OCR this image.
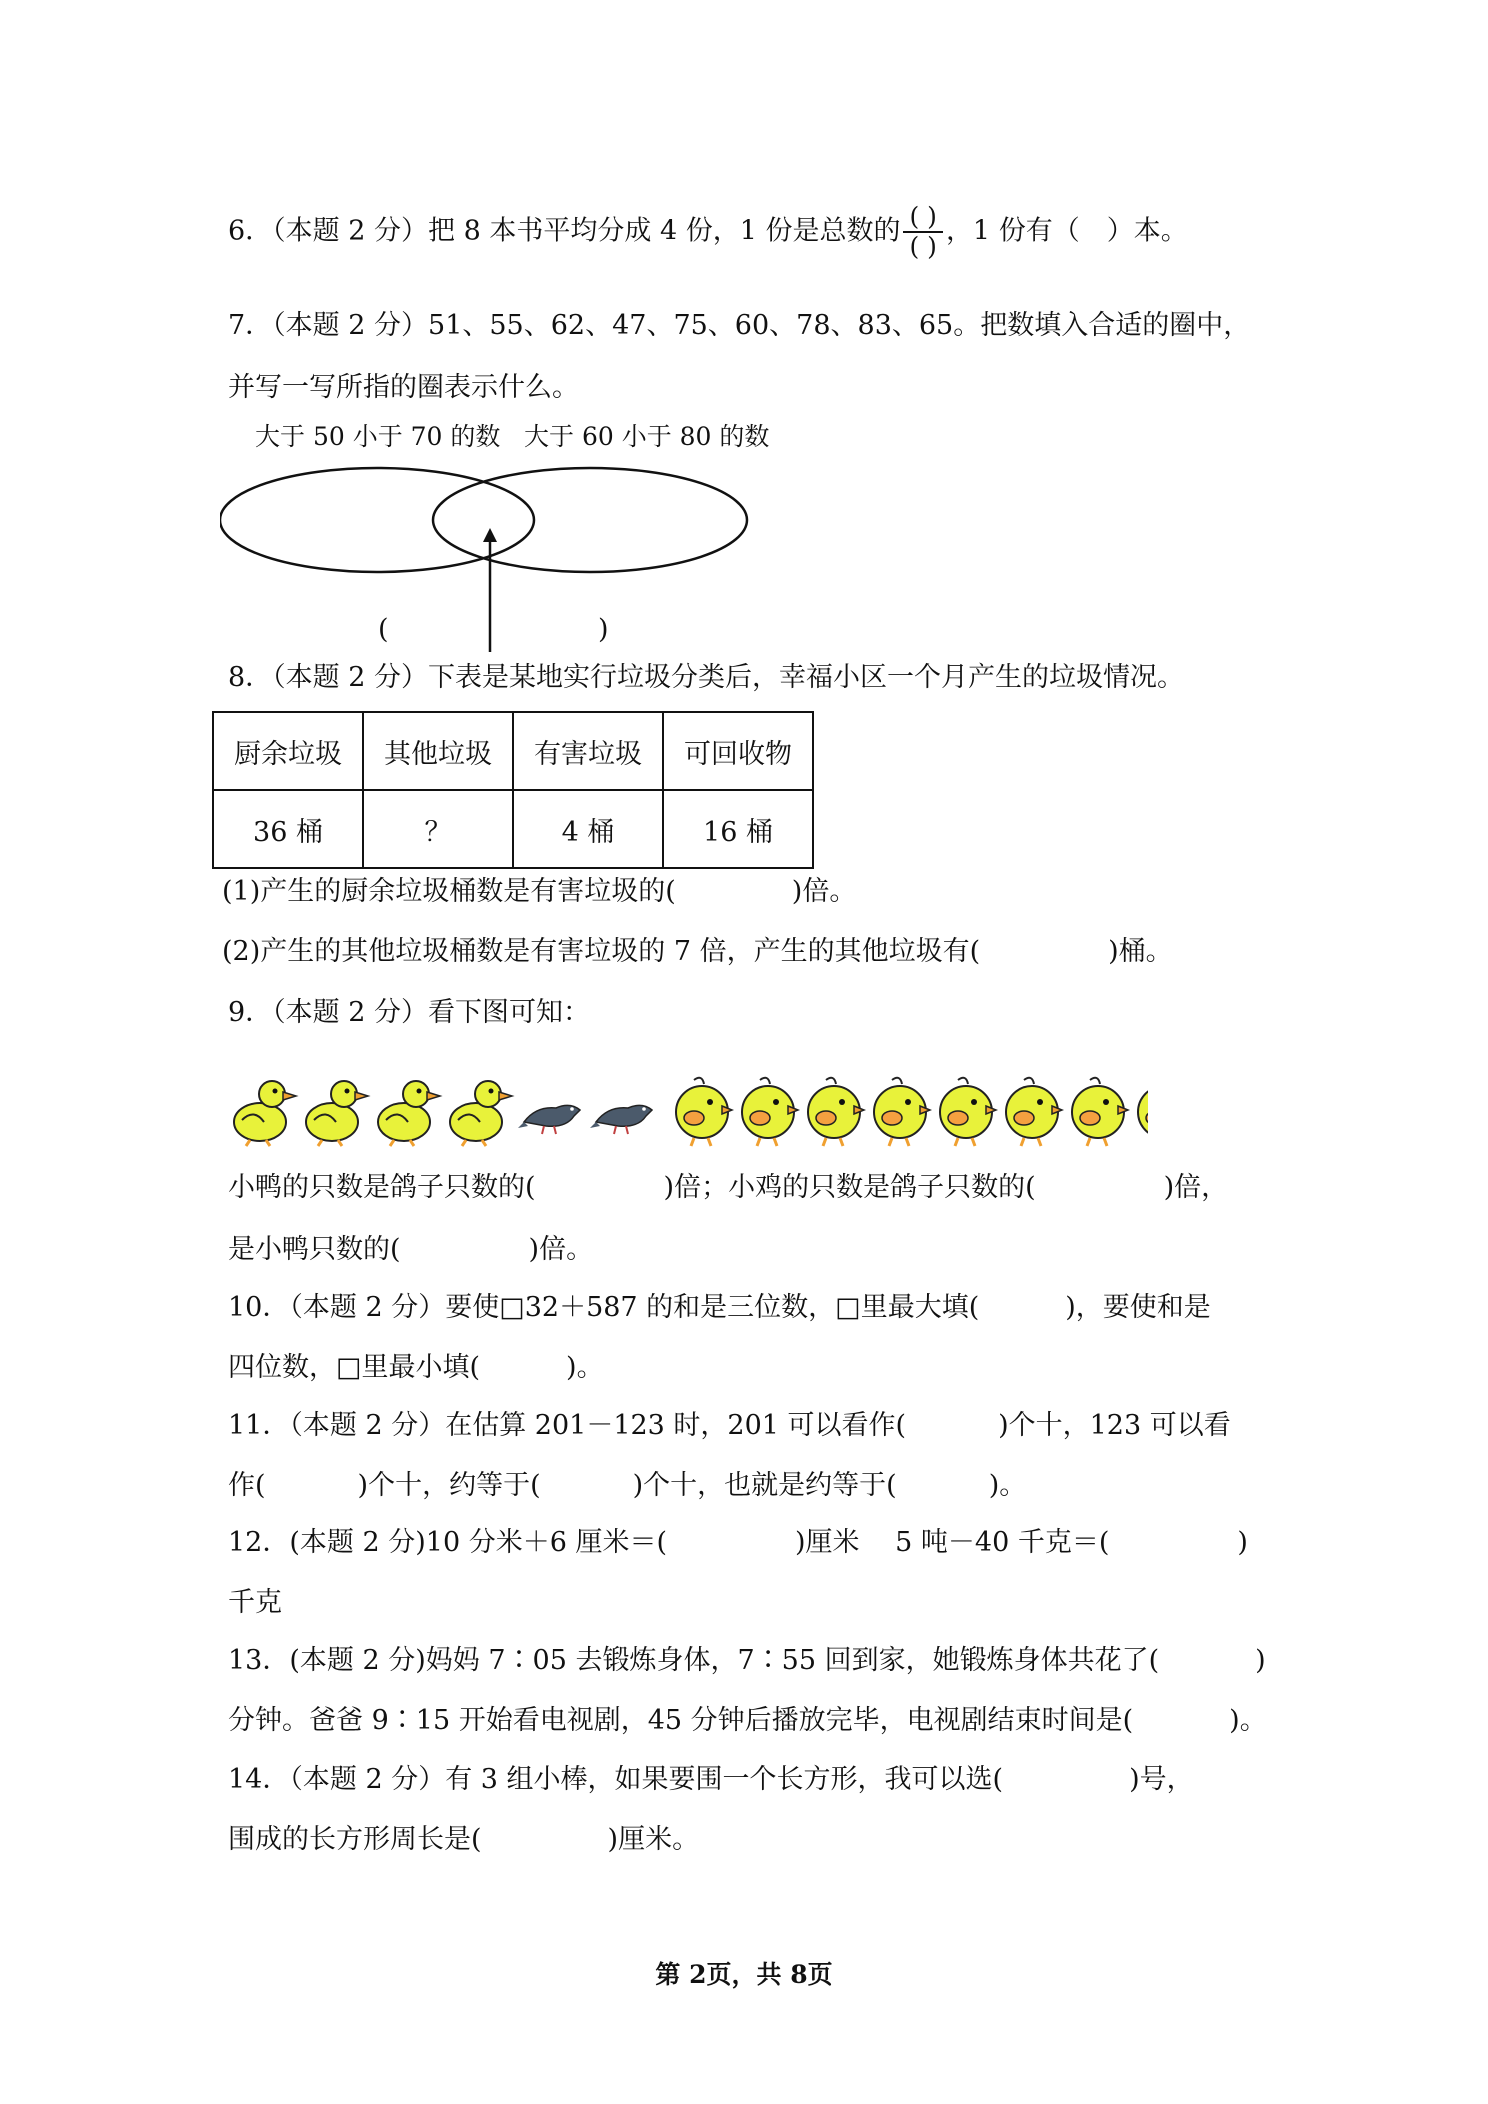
6．（本题 2 分）把 8 本书平均分成 4 份，1 份是总数的 $\frac{( )}{( )}$ ，1 份有（　）本。
7．（本题 2 分）51、55、62、47、75、60、78、83、65。把数填入合适的圈中，
并写一写所指的圈表示什么。
大于 50 小于 70 的数 大于 60 小于 80 的数
(	)
8．（本题 2 分）下表是某地实行垃圾分类后，幸福小区一个月产生的垃圾情况。
厨余垃圾	其他垃圾	有害垃圾	可回收物
36 桶	？	4 桶	16 桶
(1)产生的厨余垃圾桶数是有害垃圾的(	)倍。
(2)产生的其他垃圾桶数是有害垃圾的 7 倍，产生的其他垃圾有(	)桶。
9．（本题 2 分）看下图可知：
小鸭的只数是鸽子只数的(	)倍；小鸡的只数是鸽子只数的(	)倍，
是小鸭只数的(	)倍。
10．（本题 2 分）要使□32＋587 的和是三位数，□里最大填(	)，要使和是
四位数，□里最小填(	)。
11．（本题 2 分）在估算 201－123 时，201 可以看作(	)个十，123 可以看
作(	)个十，约等于(	)个十，也就是约等于(	)。
12．(本题 2 分)10 分米＋6 厘米＝(	)厘米　 5 吨－40 千克＝(	)
千克
13．(本题 2 分)妈妈 7∶05 去锻炼身体，7∶55 回到家，她锻炼身体共花了(	)
分钟。爸爸 9∶15 开始看电视剧，45 分钟后播放完毕，电视剧结束时间是(	)。
14．（本题 2 分）有 3 组小棒，如果要围一个长方形，我可以选(	)号，
围成的长方形周长是(	)厘米。
第 2页，共 8页
